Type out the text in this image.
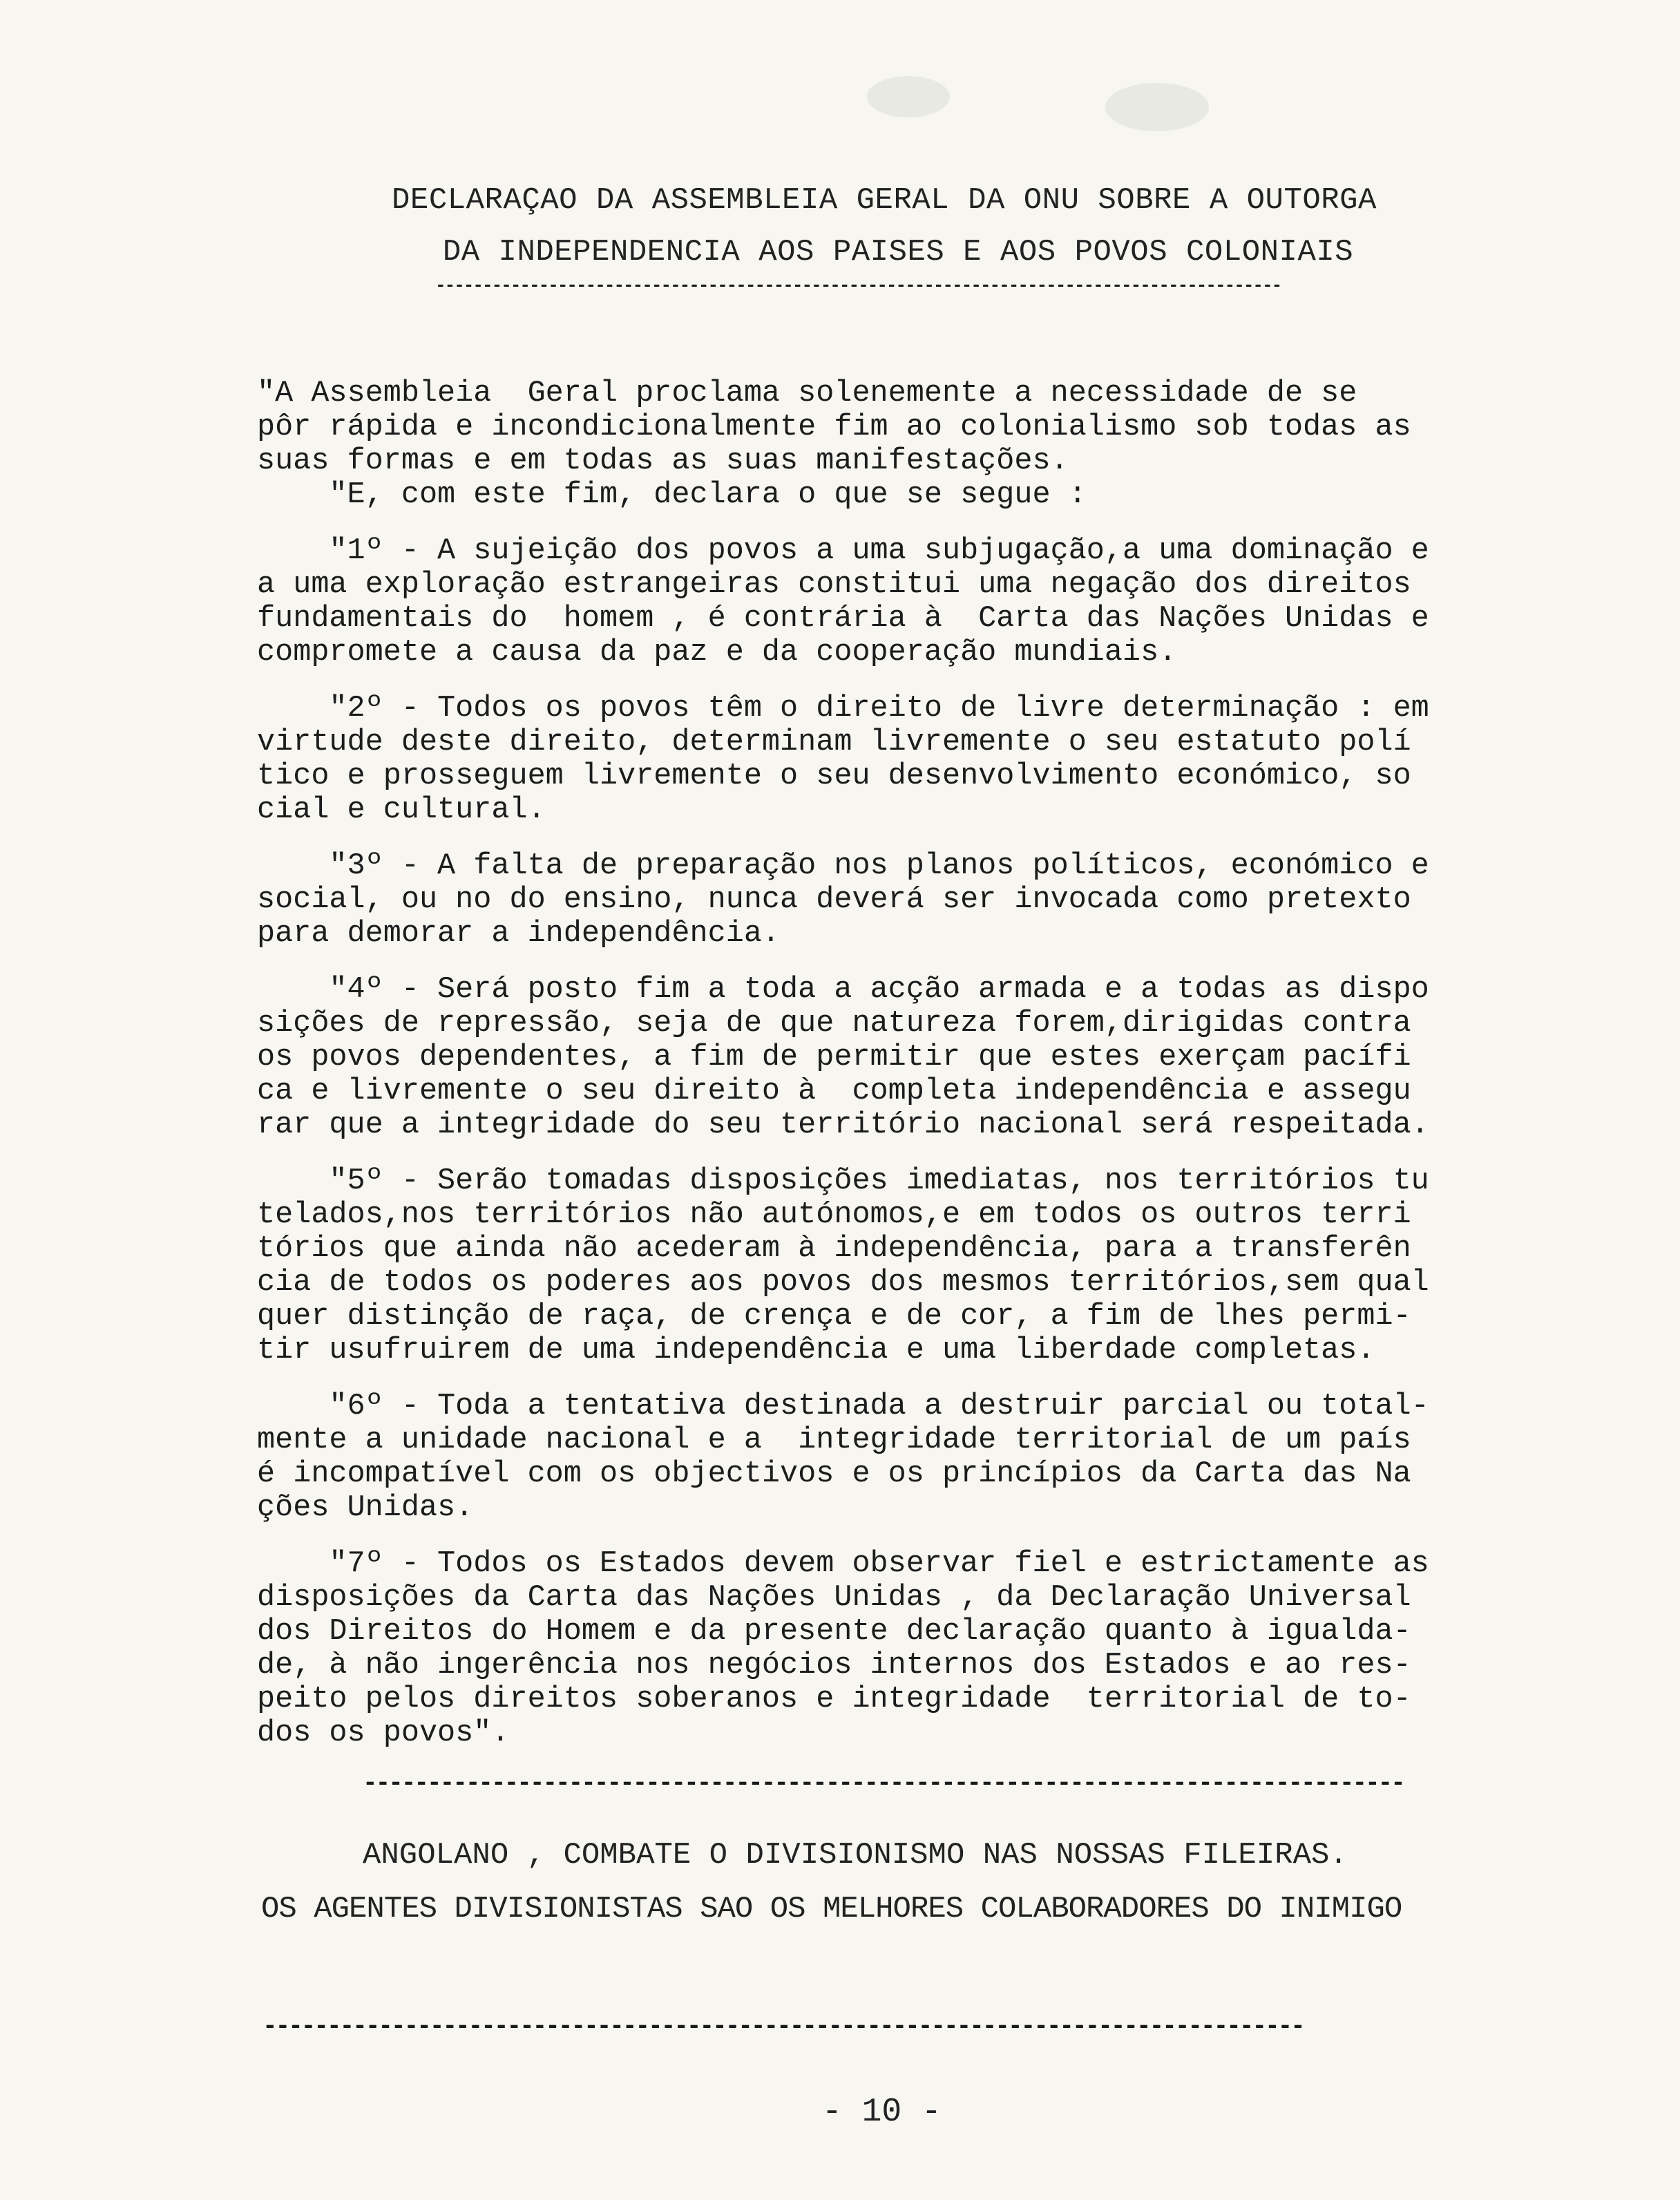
DECLARAÇAO DA ASSEMBLEIA GERAL DA ONU SOBRE A OUTORGA
DA INDEPENDENCIA AOS PAISES E AOS POVOS COLONIAIS
------------------------------------------------------------------------------------------

"A Assembleia  Geral proclama solenemente a necessidade de se
pôr rápida e incondicionalmente fim ao colonialismo sob todas as
suas formas e em todas as suas manifestações.
"E, com este fim, declara o que se segue :

"1º - A sujeição dos povos a uma subjugação,a uma dominação e
a uma exploração estrangeiras constitui uma negação dos direitos
fundamentais do  homem , é contrária à  Carta das Nações Unidas e
compromete a causa da paz e da cooperação mundiais.

"2º - Todos os povos têm o direito de livre determinação : em
virtude deste direito, determinam livremente o seu estatuto polí
tico e prosseguem livremente o seu desenvolvimento económico, so
cial e cultural.

"3º - A falta de preparação nos planos políticos, económico e
social, ou no do ensino, nunca deverá ser invocada como pretexto
para demorar a independência.

"4º - Será posto fim a toda a acção armada e a todas as dispo
sições de repressão, seja de que natureza forem,dirigidas contra
os povos dependentes, a fim de permitir que estes exerçam pacífi
ca e livremente o seu direito à  completa independência e assegu
rar que a integridade do seu território nacional será respeitada.

"5º - Serão tomadas disposições imediatas, nos territórios tu
telados,nos territórios não autónomos,e em todos os outros terri
tórios que ainda não acederam à independência, para a transferên
cia de todos os poderes aos povos dos mesmos territórios,sem qual
quer distinção de raça, de crença e de cor, a fim de lhes permi-
tir usufruirem de uma independência e uma liberdade completas.

"6º - Toda a tentativa destinada a destruir parcial ou total-
mente a unidade nacional e a  integridade territorial de um país
é incompatível com os objectivos e os princípios da Carta das Na
ções Unidas.

"7º - Todos os Estados devem observar fiel e estrictamente as
disposições da Carta das Nações Unidas , da Declaração Universal
dos Direitos do Homem e da presente declaração quanto à igualda-
de, à não ingerência nos negócios internos dos Estados e ao res-
peito pelos direitos soberanos e integridade  territorial de to-
dos os povos".

---------------------------------------------------------------------------------
ANGOLANO , COMBATE O DIVISIONISMO NAS NOSSAS FILEIRAS.
OS AGENTES DIVISIONISTAS SAO OS MELHORES COLABORADORES DO INIMIGO
---------------------------------------------------------------------------------
- 10 -
